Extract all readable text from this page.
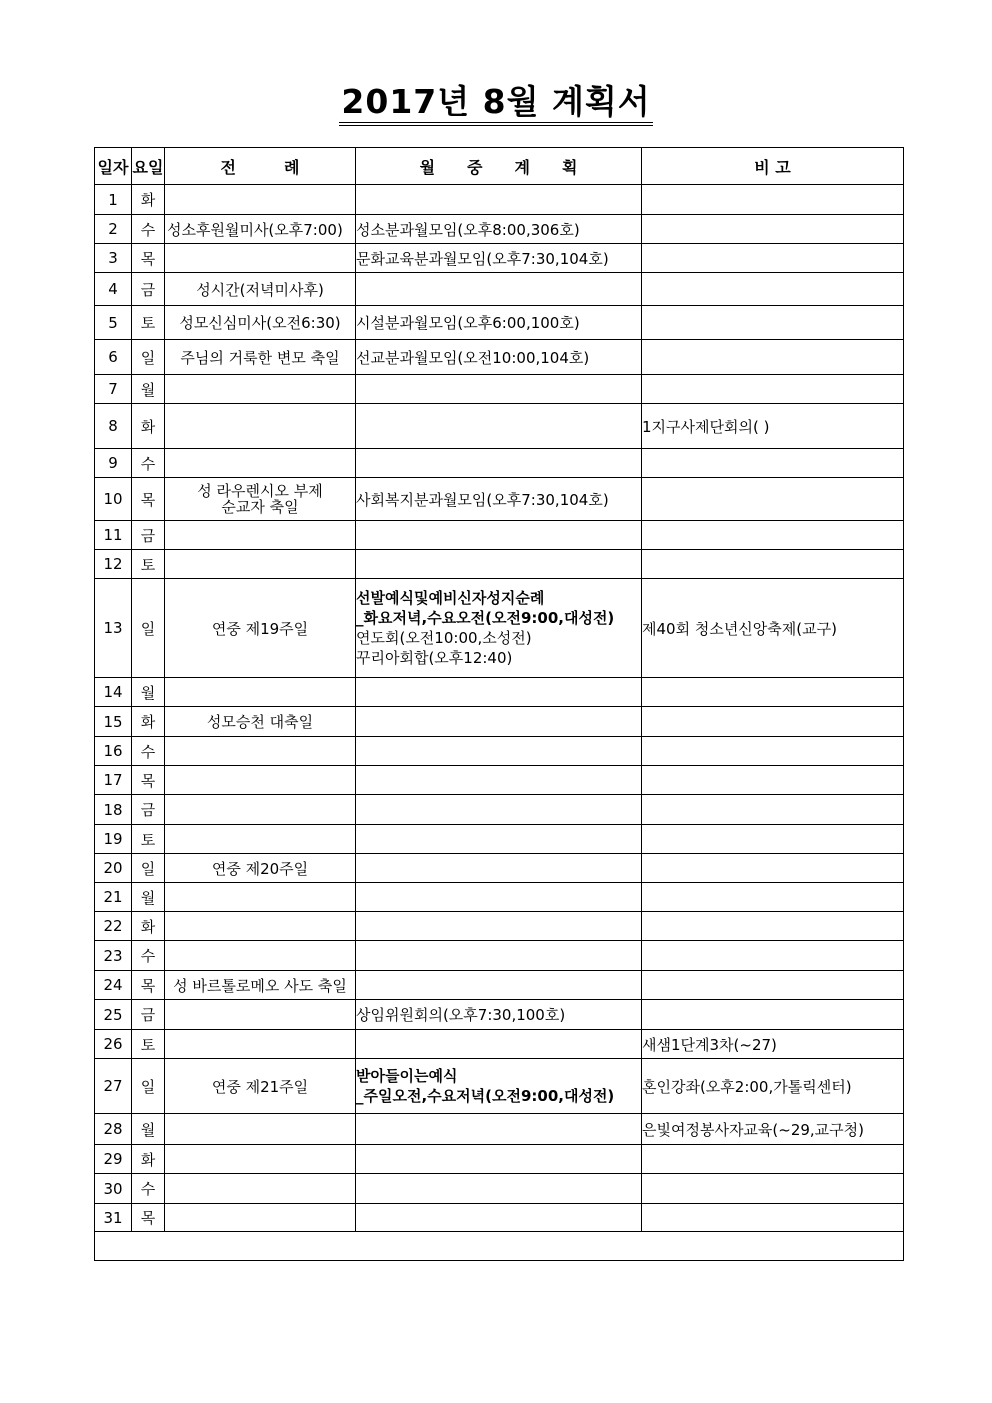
2017년 8월 계획서
일자	요일	전　　　례	월　　중　　계　　획	비 고
1	화			
2	수	성소후원월미사(오후7:00)	성소분과월모임(오후8:00,306호)	
3	목		문화교육분과월모임(오후7:30,104호)	
4	금	성시간(저녁미사후)		
5	토	성모신심미사(오전6:30)	시설분과월모임(오후6:00,100호)	
6	일	주님의 거룩한 변모 축일	선교분과월모임(오전10:00,104호)	
7	월			
8	화			1지구사제단회의( )
9	수			
10	목	성 라우렌시오 부제
순교자 축일	사회복지분과월모임(오후7:30,104호)	
11	금			
12	토			
13	일	연중 제19주일	선발예식및예비신자성지순례
_화요저녁,수요오전(오전9:00,대성전)
연도회(오전10:00,소성전)
꾸리아회합(오후12:40)	제40회 청소년신앙축제(교구)
14	월			
15	화	성모승천 대축일		
16	수			
17	목			
18	금			
19	토			
20	일	연중 제20주일		
21	월			
22	화			
23	수			
24	목	성 바르톨로메오 사도 축일		
25	금		상임위원회의(오후7:30,100호)	
26	토			새샘1단계3차(~27)
27	일	연중 제21주일	받아들이는예식
_주일오전,수요저녁(오전9:00,대성전)	혼인강좌(오후2:00,가톨릭센터)
28	월			은빛여정봉사자교육(~29,교구청)
29	화			
30	수			
31	목			
